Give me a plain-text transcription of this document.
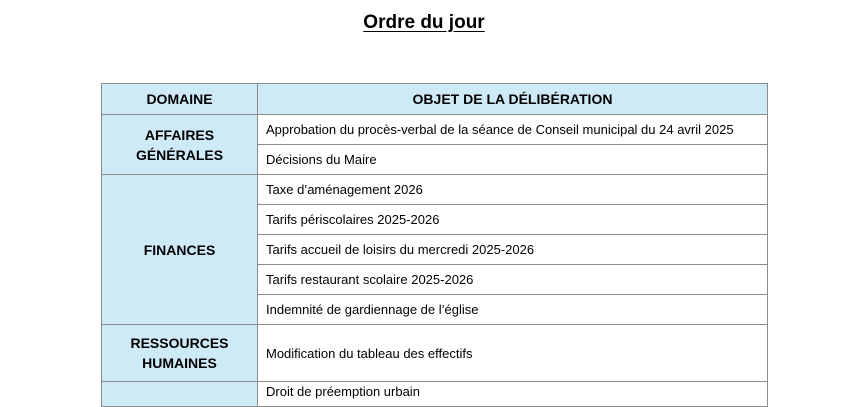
Ordre du jour
DOMAINE	OBJET DE LA DÉLIBÉRATION

AFFAIRES
GÉNÉRALES	Approbation du procès-verbal de la séance de Conseil municipal du 24 avril 2025
	Décisions du Maire

FINANCES	Taxe d’aménagement 2026
	Tarifs périscolaires 2025-2026
	Tarifs accueil de loisirs du mercredi 2025-2026
	Tarifs restaurant scolaire 2025-2026
	Indemnité de gardiennage de l’église

RESSOURCES
HUMAINES	Modification du tableau des effectifs
	Droit de préemption urbain
